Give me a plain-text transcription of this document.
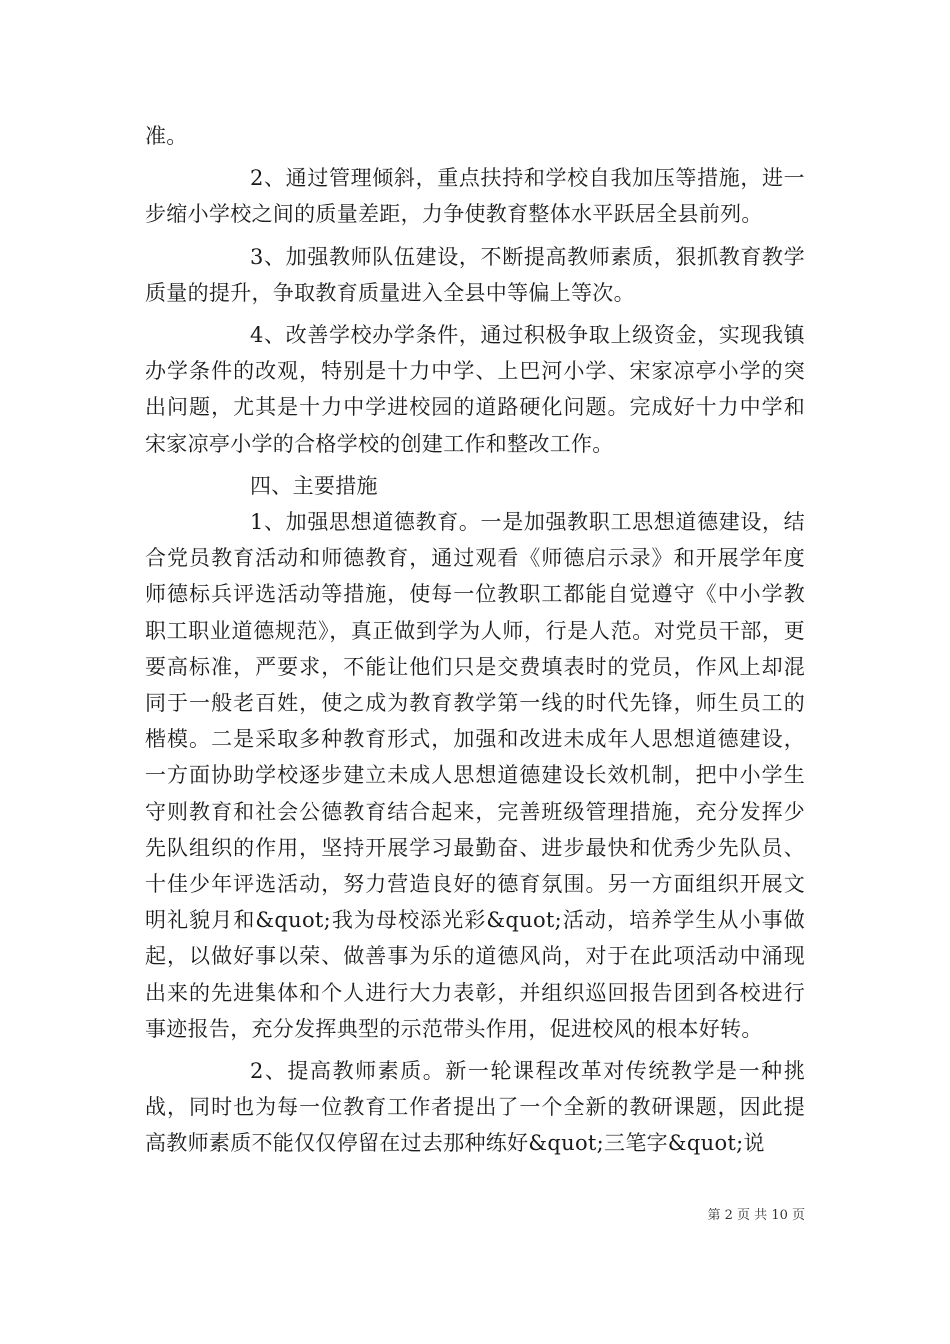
准。

2、通过管理倾斜，重点扶持和学校自我加压等措施，进一步缩小学校之间的质量差距，力争使教育整体水平跃居全县前列。

3、加强教师队伍建设，不断提高教师素质，狠抓教育教学质量的提升，争取教育质量进入全县中等偏上等次。

4、改善学校办学条件，通过积极争取上级资金，实现我镇办学条件的改观，特别是十力中学、上巴河小学、宋家凉亭小学的突出问题，尤其是十力中学进校园的道路硬化问题。完成好十力中学和宋家凉亭小学的合格学校的创建工作和整改工作。

四、主要措施

1、加强思想道德教育。一是加强教职工思想道德建设，结合党员教育活动和师德教育，通过观看《师德启示录》和开展学年度师德标兵评选活动等措施，使每一位教职工都能自觉遵守《中小学教职工职业道德规范》，真正做到学为人师，行是人范。对党员干部，更要高标准，严要求，不能让他们只是交费填表时的党员，作风上却混同于一般老百姓，使之成为教育教学第一线的时代先锋，师生员工的楷模。二是采取多种教育形式，加强和改进未成年人思想道德建设，一方面协助学校逐步建立未成人思想道德建设长效机制，把中小学生守则教育和社会公德教育结合起来，完善班级管理措施，充分发挥少先队组织的作用，坚持开展学习最勤奋、进步最快和优秀少先队员、十佳少年评选活动，努力营造良好的德育氛围。另一方面组织开展文明礼貌月和&quot;我为母校添光彩&quot;活动，培养学生从小事做起，以做好事以荣、做善事为乐的道德风尚，对于在此项活动中涌现出来的先进集体和个人进行大力表彰，并组织巡回报告团到各校进行事迹报告，充分发挥典型的示范带头作用，促进校风的根本好转。

2、提高教师素质。新一轮课程改革对传统教学是一种挑战，同时也为每一位教育工作者提出了一个全新的教研课题，因此提高教师素质不能仅仅停留在过去那种练好&quot;三笔字&quot;说

第 2 页 共 10 页
